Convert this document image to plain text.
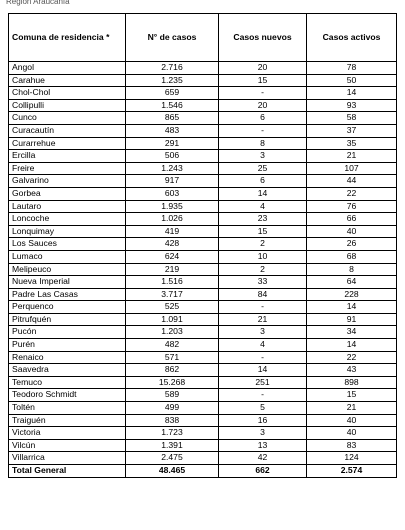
Region Araucanía
Comuna de residencia *	N° de casos	Casos nuevos	Casos activos
Angol	2.716	20	78
Carahue	1.235	15	50
Chol-Chol	659	-	14
Collipulli	1.546	20	93
Cunco	865	6	58
Curacautín	483	-	37
Curarrehue	291	8	35
Ercilla	506	3	21
Freire	1.243	25	107
Galvarino	917	6	44
Gorbea	603	14	22
Lautaro	1.935	4	76
Loncoche	1.026	23	66
Lonquimay	419	15	40
Los Sauces	428	2	26
Lumaco	624	10	68
Melipeuco	219	2	8
Nueva Imperial	1.516	33	64
Padre Las Casas	3.717	84	228
Perquenco	525	-	14
Pitrufquén	1.091	21	91
Pucón	1.203	3	34
Purén	482	4	14
Renaico	571	-	22
Saavedra	862	14	43
Temuco	15.268	251	898
Teodoro Schmidt	589	-	15
Toltén	499	5	21
Traiguén	838	16	40
Victoria	1.723	3	40
Vilcún	1.391	13	83
Villarrica	2.475	42	124
Total General	48.465	662	2.574
